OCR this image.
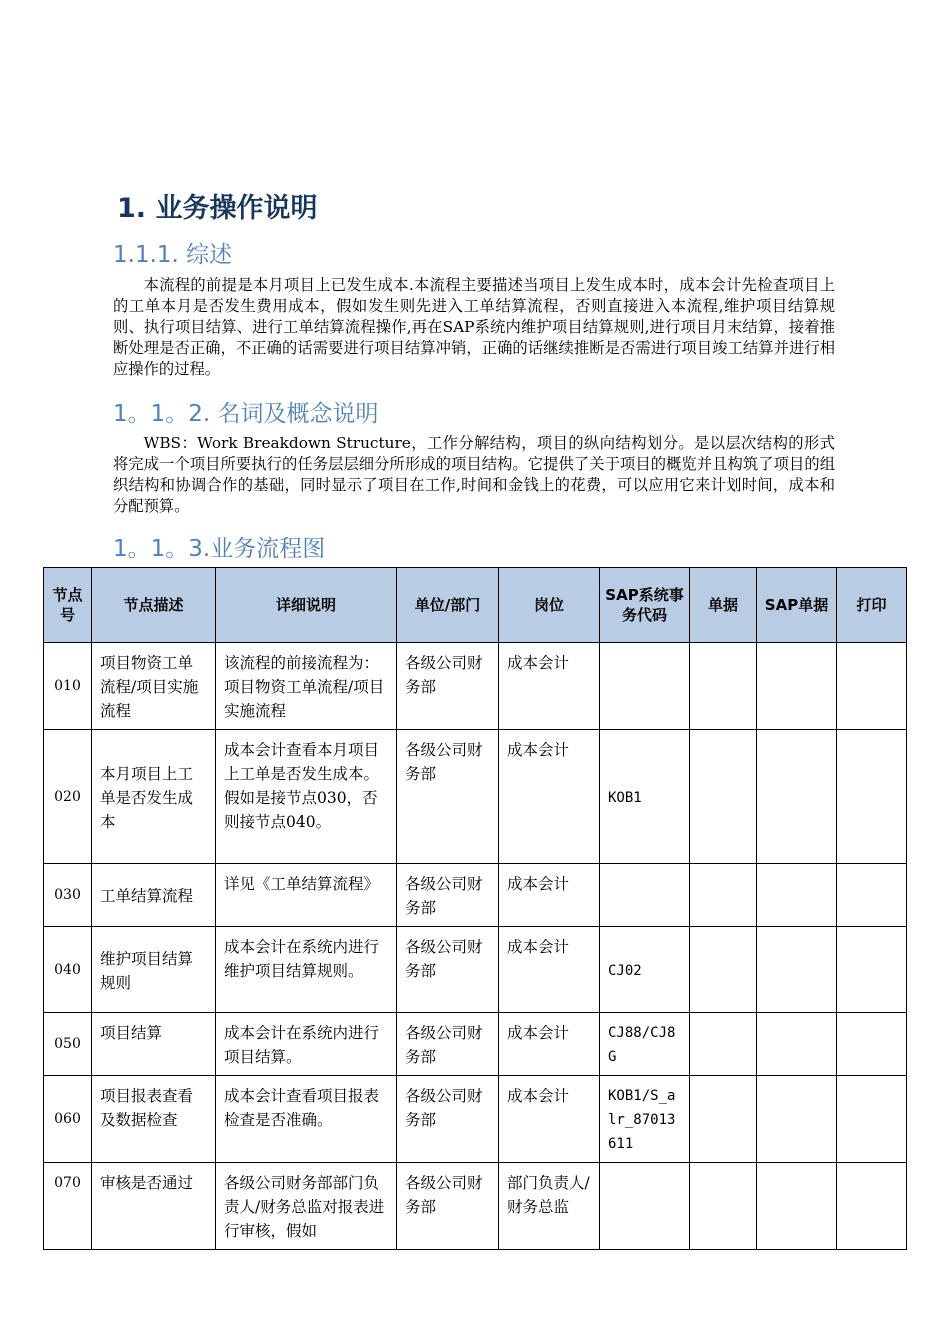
1. 业务操作说明
1.1.1. 综述
本流程的前提是本月项目上已发生成本.本流程主要描述当项目上发生成本时，成本会计先检查项目上的工单本月是否发生费用成本，假如发生则先进入工单结算流程，否则直接进入本流程,维护项目结算规则、执行项目结算、进行工单结算流程操作,再在SAP系统内维护项目结算规则,进行项目月末结算，接着推断处理是否正确，不正确的话需要进行项目结算冲销，正确的话继续推断是否需进行项目竣工结算并进行相应操作的过程。
1。1。2. 名词及概念说明
WBS：Work Breakdown Structure，工作分解结构，项目的纵向结构划分。是以层次结构的形式将完成一个项目所要执行的任务层层细分所形成的项目结构。它提供了关于项目的概览并且构筑了项目的组织结构和协调合作的基础，同时显示了项目在工作,时间和金钱上的花费，可以应用它来计划时间，成本和分配预算。
1。1。3.业务流程图
节点号	节点描述	详细说明	单位/部门	岗位	SAP系统事务代码	单据	SAP单据	打印
010	项目物资工单流程/项目实施流程	该流程的前接流程为：项目物资工单流程/项目实施流程	各级公司财务部	成本会计				
020	本月项目上工单是否发生成本	成本会计查看本月项目上工单是否发生成本。假如是接节点030，否则接节点040。	各级公司财务部	成本会计	KOB1			
030	工单结算流程	详见《工单结算流程》	各级公司财务部	成本会计				
040	维护项目结算规则	成本会计在系统内进行维护项目结算规则。	各级公司财务部	成本会计	CJ02			
050	项目结算	成本会计在系统内进行项目结算。	各级公司财务部	成本会计	CJ88/CJ8G			
060	项目报表查看及数据检查	成本会计查看项目报表检查是否准确。	各级公司财务部	成本会计	KOB1/S_alr_87013611			
070	审核是否通过	各级公司财务部部门负责人/财务总监对报表进行审核，假如	各级公司财务部	部门负责人/财务总监				
